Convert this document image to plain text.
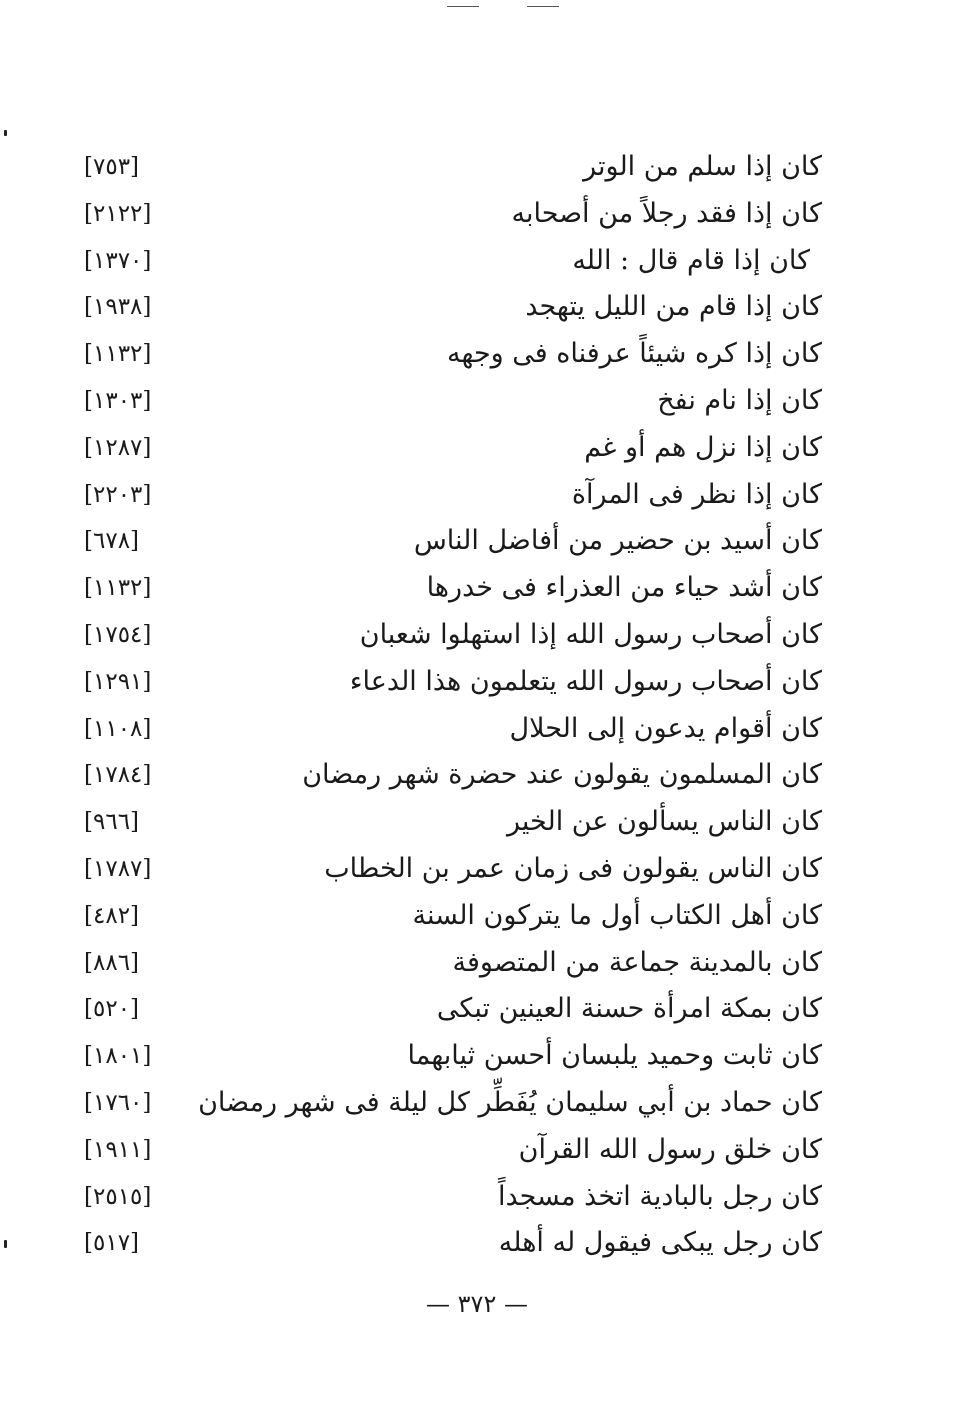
كان إذا سلم من الوتر
[٧٥٣]
كان إذا فقد رجلاً من أصحابه
[٢١٢٢]
كان إذا قام قال : الله
[١٣٧٠]
كان إذا قام من الليل يتهجد
[١٩٣٨]
كان إذا كره شيئاً عرفناه فى وجهه
[١١٣٢]
كان إذا نام نفخ
[١٣٠٣]
كان إذا نزل هم أو غم
[١٢٨٧]
كان إذا نظر فى المرآة
[٢٢٠٣]
كان أسيد بن حضير من أفاضل الناس
[٦٧٨]
كان أشد حياء من العذراء فى خدرها
[١١٣٢]
كان أصحاب رسول الله إذا استهلوا شعبان
[١٧٥٤]
كان أصحاب رسول الله يتعلمون هذا الدعاء
[١٢٩١]
كان أقوام يدعون إلى الحلال
[١١٠٨]
كان المسلمون يقولون عند حضرة شهر رمضان
[١٧٨٤]
كان الناس يسألون عن الخير
[٩٦٦]
كان الناس يقولون فى زمان عمر بن الخطاب
[١٧٨٧]
كان أهل الكتاب أول ما يتركون السنة
[٤٨٢]
كان بالمدينة جماعة من المتصوفة
[٨٨٦]
كان بمكة امرأة حسنة العينين تبكى
[٥٢٠]
كان ثابت وحميد يلبسان أحسن ثيابهما
[١٨٠١]
كان حماد بن أبي سليمان يُفَطِّر كل ليلة فى شهر رمضان
[١٧٦٠]
كان خلق رسول الله القرآن
[١٩١١]
كان رجل بالبادية اتخذ مسجداً
[٢٥١٥]
كان رجل يبكى فيقول له أهله
[٥١٧]
— ٣٧٢ —
